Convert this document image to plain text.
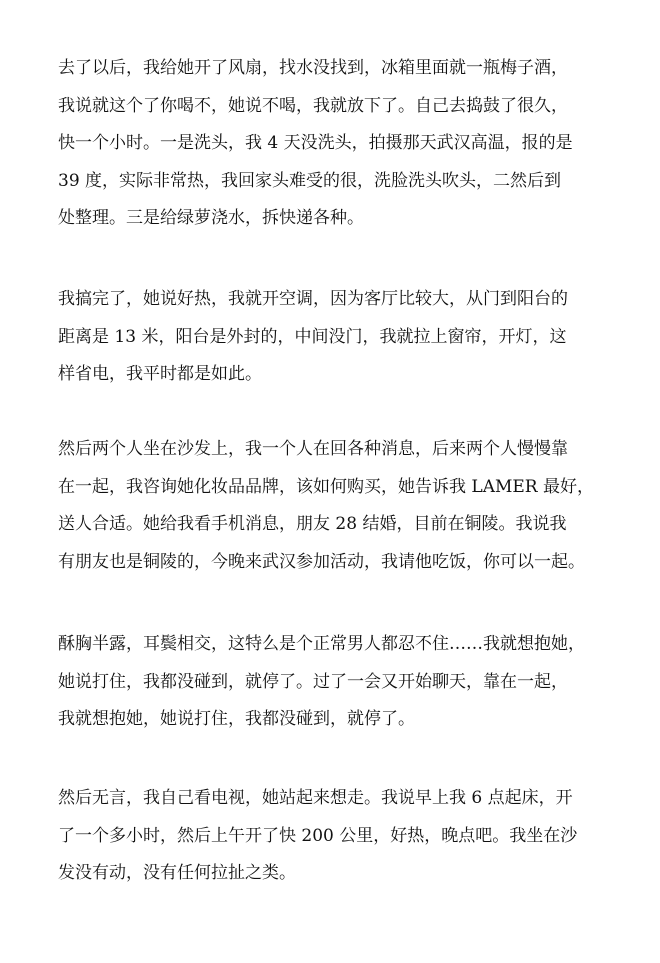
去了以后，我给她开了风扇，找水没找到，冰箱里面就一瓶梅子酒，
我说就这个了你喝不，她说不喝，我就放下了。自己去捣鼓了很久，
快一个小时。一是洗头，我 4 天没洗头，拍摄那天武汉高温，报的是
39 度，实际非常热，我回家头难受的很，洗脸洗头吹头，二然后到
处整理。三是给绿萝浇水，拆快递各种。

我搞完了，她说好热，我就开空调，因为客厅比较大，从门到阳台的
距离是 13 米，阳台是外封的，中间没门，我就拉上窗帘，开灯，这
样省电，我平时都是如此。

然后两个人坐在沙发上，我一个人在回各种消息，后来两个人慢慢靠
在一起，我咨询她化妆品品牌，该如何购买，她告诉我 LAMER 最好，
送人合适。她给我看手机消息，朋友 28 结婚，目前在铜陵。我说我
有朋友也是铜陵的，今晚来武汉参加活动，我请他吃饭，你可以一起。

酥胸半露，耳鬓相交，这特么是个正常男人都忍不住……我就想抱她，
她说打住，我都没碰到，就停了。过了一会又开始聊天，靠在一起，
我就想抱她，她说打住，我都没碰到，就停了。

然后无言，我自己看电视，她站起来想走。我说早上我 6 点起床，开
了一个多小时，然后上午开了快 200 公里，好热，晚点吧。我坐在沙
发没有动，没有任何拉扯之类。
